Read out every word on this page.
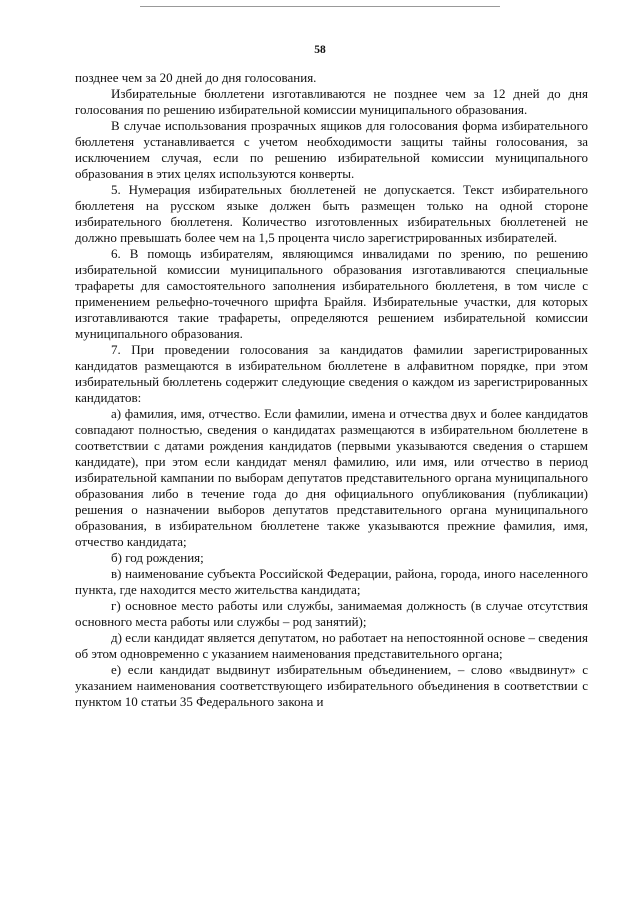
58

позднее чем за 20 дней до дня голосования.

Избирательные бюллетени изготавливаются не позднее чем за 12 дней до дня голосования по решению избирательной комиссии муниципального образования.

В случае использования прозрачных ящиков для голосования форма избирательного бюллетеня устанавливается с учетом необходимости защиты тайны голосования, за исключением случая, если по решению избирательной комиссии муниципального образования в этих целях используются конверты.

5. Нумерация избирательных бюллетеней не допускается. Текст избирательного бюллетеня на русском языке должен быть размещен только на одной стороне избирательного бюллетеня. Количество изготовленных избирательных бюллетеней не должно превышать более чем на 1,5 процента число зарегистрированных избирателей.

6. В помощь избирателям, являющимся инвалидами по зрению, по решению избирательной комиссии муниципального образования изготавливаются специальные трафареты для самостоятельного заполнения избирательного бюллетеня, в том числе с применением рельефно-точечного шрифта Брайля. Избирательные участки, для которых изготавливаются такие трафареты, определяются решением избирательной комиссии муниципального образования.

7. При проведении голосования за кандидатов фамилии зарегистрированных кандидатов размещаются в избирательном бюллетене в алфавитном порядке, при этом избирательный бюллетень содержит следующие сведения о каждом из зарегистрированных кандидатов:

а) фамилия, имя, отчество. Если фамилии, имена и отчества двух и более кандидатов совпадают полностью, сведения о кандидатах размещаются в избирательном бюллетене в соответствии с датами рождения кандидатов (первыми указываются сведения о старшем кандидате), при этом если кандидат менял фамилию, или имя, или отчество в период избирательной кампании по выборам депутатов представительного органа муниципального образования либо в течение года до дня официального опубликования (публикации) решения о назначении выборов депутатов представительного органа муниципального образования, в избирательном бюллетене также указываются прежние фамилия, имя, отчество кандидата;

б) год рождения;

в) наименование субъекта Российской Федерации, района, города, иного населенного пункта, где находится место жительства кандидата;

г) основное место работы или службы, занимаемая должность (в случае отсутствия основного места работы или службы – род занятий);

д) если кандидат является депутатом, но работает на непостоянной основе – сведения об этом одновременно с указанием наименования представительного органа;

е) если кандидат выдвинут избирательным объединением, – слово «выдвинут» с указанием наименования соответствующего избирательного объединения в соответствии с пунктом 10 статьи 35 Федерального закона и
